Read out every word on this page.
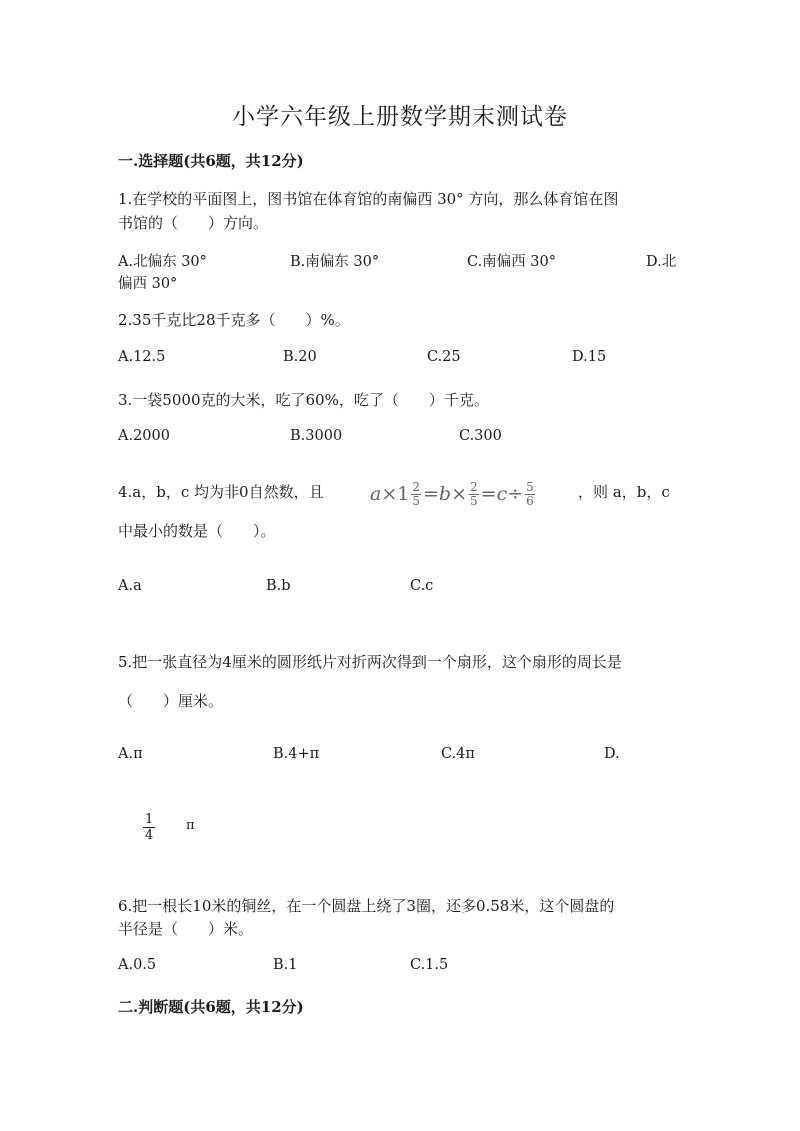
小学六年级上册数学期末测试卷
一.选择题(共6题，共12分)
1.在学校的平面图上，图书馆在体育馆的南偏西 30° 方向，那么体育馆在图
书馆的（　　）方向。
A.北偏东 30°	B.南偏东 30°	C.南偏西 30°	D.北
偏西 30°
2.35千克比28千克多（　　）%。
A.12.5	B.20	C.25	D.15
3.一袋5000克的大米，吃了60%，吃了（　　）千克。
A.2000	B.3000	C.300
4.a，b，c 均为非0自然数，且 $a \times 1 \frac{2}{5} = b \times \frac{2}{5} = c \div \frac{5}{6}$	，则 a，b，c
中最小的数是（　　）。
A.a	B.b	C.c
5.把一张直径为4厘米的圆形纸片对折两次得到一个扇形，这个扇形的周长是
（　　）厘米。
A.π	B.4+π	C.4π	D.
$\frac{1}{4}$ π
6.把一根长10米的铜丝，在一个圆盘上绕了3圈，还多0.58米，这个圆盘的
半径是（　　）米。
A.0.5	B.1	C.1.5
二.判断题(共6题，共12分)
